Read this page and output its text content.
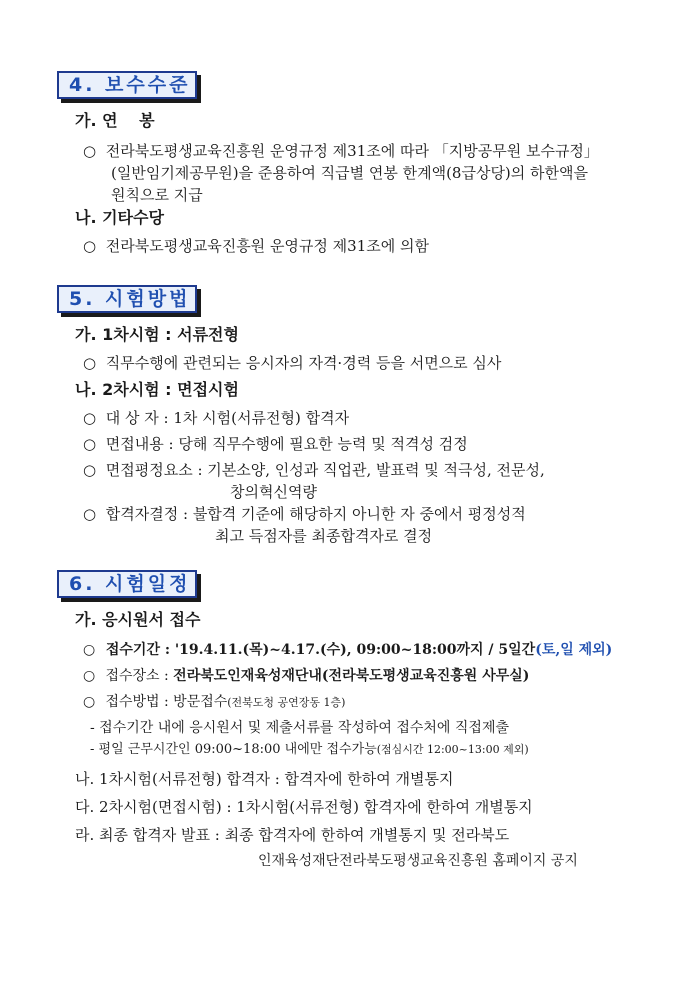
4. 보수수준
가. 연　 봉
○ 전라북도평생교육진흥원 운영규정 제31조에 따라 「지방공무원 보수규정」
(일반임기제공무원)을 준용하여 직급별 연봉 한계액(8급상당)의 하한액을
원칙으로 지급
나. 기타수당
○ 전라북도평생교육진흥원 운영규정 제31조에 의함
5. 시험방법
가. 1차시험 : 서류전형
○ 직무수행에 관련되는 응시자의 자격·경력 등을 서면으로 심사
나. 2차시험 : 면접시험
○ 대 상 자 : 1차 시험(서류전형) 합격자
○ 면접내용 : 당해 직무수행에 필요한 능력 및 적격성 검정
○ 면접평정요소 : 기본소양, 인성과 직업관, 발표력 및 적극성, 전문성,
창의혁신역량
○ 합격자결정 : 불합격 기준에 해당하지 아니한 자 중에서 평정성적
최고 득점자를 최종합격자로 결정
6. 시험일정
가. 응시원서 접수
○ 접수기간 : '19.4.11.(목)~4.17.(수), 09:00~18:00까지 / 5일간(토,일 제외)
○ 접수장소 : 전라북도인재육성재단내(전라북도평생교육진흥원 사무실)
○ 접수방법 : 방문접수(전북도청 공연장동 1층)
- 접수기간 내에 응시원서 및 제출서류를 작성하여 접수처에 직접제출
- 평일 근무시간인 09:00~18:00 내에만 접수가능(점심시간 12:00~13:00 제외)
나. 1차시험(서류전형) 합격자 : 합격자에 한하여 개별통지
다. 2차시험(면접시험) : 1차시험(서류전형) 합격자에 한하여 개별통지
라. 최종 합격자 발표 : 최종 합격자에 한하여 개별통지 및 전라북도
인재육성재단전라북도평생교육진흥원 홈페이지 공지
